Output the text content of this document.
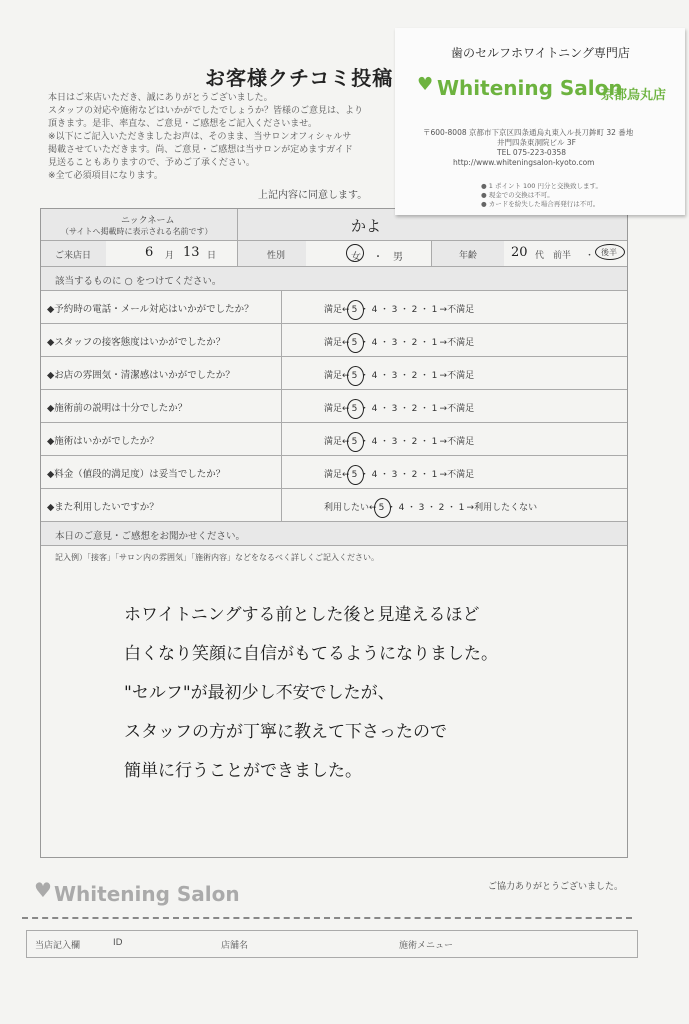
お客様クチコミ投稿
本日はご来店いただき、誠にありがとうございました。
スタッフの対応や施術などはいかがでしたでしょうか？皆様のご意見は、より
頂きます。是非、率直な、ご意見・ご感想をご記入くださいませ。
※以下にご記入いただきましたお声は、そのまま、当サロンオフィシャルサ
掲載させていただきます。尚、ご意見・ご感想は当サロンが定めますガイド
見送ることもありますので、予めご了承ください。
※全て必須項目になります。
上記内容に同意します。
ニックネーム
（サイトへ掲載時に表示される名前です）	かよ
ご来店日	6 月 13 日	性別	女 ・ 男	年齢	20 代 前半 ・ 後半
該当するものに ○ をつけてください。
◆予約時の電話・メール対応はいかがでしたか？	満足← 5 ・ 4 ・ 3 ・ 2 ・ 1 →不満足
◆スタッフの接客態度はいかがでしたか？	満足← 5 ・ 4 ・ 3 ・ 2 ・ 1 →不満足
◆お店の雰囲気・清潔感はいかがでしたか？	満足← 5 ・ 4 ・ 3 ・ 2 ・ 1 →不満足
◆施術前の説明は十分でしたか？	満足← 5 ・ 4 ・ 3 ・ 2 ・ 1 →不満足
◆施術はいかがでしたか？	満足← 5 ・ 4 ・ 3 ・ 2 ・ 1 →不満足
◆料金（値段的満足度）は妥当でしたか？	満足← 5 ・ 4 ・ 3 ・ 2 ・ 1 →不満足
◆また利用したいですか？	利用したい← 5 ・ 4 ・ 3 ・ 2 ・ 1 →利用したくない
本日のご意見・ご感想をお聞かせください。
記入例）「接客」「サロン内の雰囲気」「施術内容」などをなるべく詳しくご記入ください。
ホワイトニングする前とした後と見違えるほど
白くなり笑顔に自信がもてるようになりました。
"セルフ"が最初少し不安でしたが、
スタッフの方が丁寧に教えて下さったので
簡単に行うことができました。
歯のセルフホワイトニング専門店
♥ Whitening Salon
京都烏丸店
〒600-8008 京都市下京区四条通烏丸東入ル長刀鉾町 32 番地
井門四条東洞院ビル 3F
TEL 075-223-0358
http://www.whiteningsalon-kyoto.com
● 1 ポイント 100 円分と交換致します。
● 現金での交換は不可。
● カードを紛失した場合再発行は不可。
♥ Whitening Salon	ご協力ありがとうございました。
当店記入欄	ID	店舗名	施術メニュー
